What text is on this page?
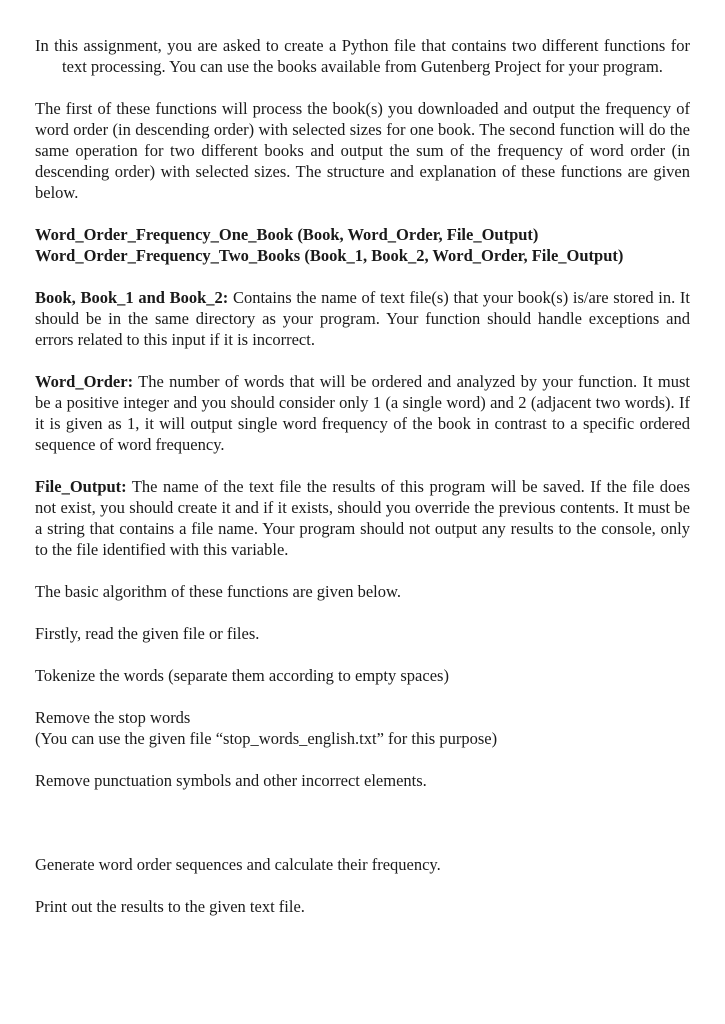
In this assignment, you are asked to create a Python file that contains two different functions for text processing. You can use the books available from Gutenberg Project for your program.

The first of these functions will process the book(s) you downloaded and output the frequency of word order (in descending order) with selected sizes for one book. The second function will do the same operation for two different books and output the sum of the frequency of word order (in descending order) with selected sizes. The structure and explanation of these functions are given below.

Word_Order_Frequency_One_Book (Book, Word_Order, File_Output)

Word_Order_Frequency_Two_Books (Book_1, Book_2, Word_Order, File_Output)

Book, Book_1 and Book_2: Contains the name of text file(s) that your book(s) is/are stored in. It should be in the same directory as your program. Your function should handle exceptions and errors related to this input if it is incorrect.

Word_Order: The number of words that will be ordered and analyzed by your function. It must be a positive integer and you should consider only 1 (a single word) and 2 (adjacent two words). If it is given as 1, it will output single word frequency of the book in contrast to a specific ordered sequence of word frequency.

File_Output: The name of the text file the results of this program will be saved. If the file does not exist, you should create it and if it exists, should you override the previous contents. It must be a string that contains a file name. Your program should not output any results to the console, only to the file identified with this variable.

The basic algorithm of these functions are given below.

Firstly, read the given file or files.

Tokenize the words (separate them according to empty spaces)

Remove the stop words

(You can use the given file “stop_words_english.txt” for this purpose)

Remove punctuation symbols and other incorrect elements.

Generate word order sequences and calculate their frequency.

Print out the results to the given text file.
